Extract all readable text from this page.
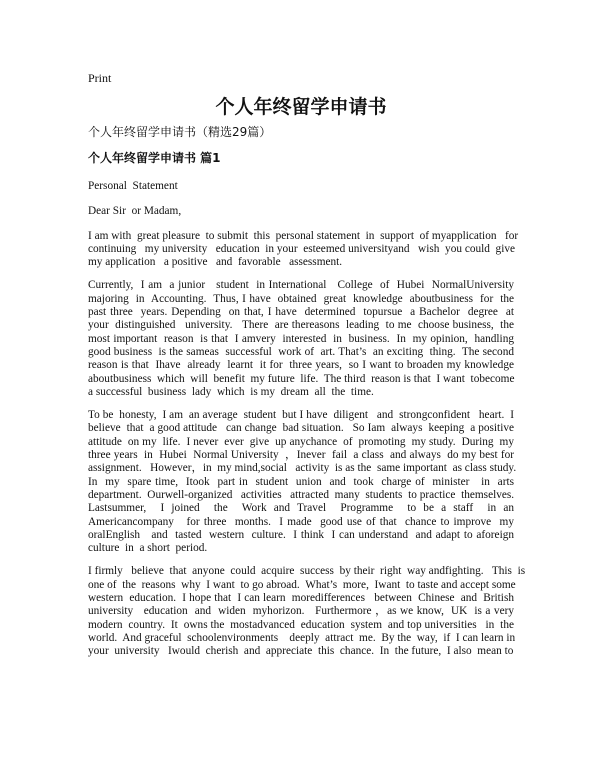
Print
个人年终留学申请书
个人年终留学申请书（精选29篇）
个人年终留学申请书 篇1
Personal  Statement
Dear Sir  or Madam,
I am with  great pleasure  to submit  this  personal statement  in  support  of myapplication   for
continuing   my university   education  in your  esteemed universityand   wish  you could  give
my application   a positive   and  favorable   assessment.
Currently,  I am  a junior   student  in International   College  of  Hubei  NormalUniversity
majoring  in  Accounting.  Thus, I have  obtained  great  knowledge  aboutbusiness  for  the
past three  years. Depending  on that, I have  determined  topursue  a Bachelor  degree  at
your  distinguished   university.   There  are thereasons  leading  to me  choose business,  the
most important  reason  is that  I amvery  interested  in  business.  In  my opinion,  handling
good business  is the sameas  successful  work of  art. That’s  an exciting  thing.  The second
reason is that  Ihave  already  learnt  it for  three years,  so I want to broaden my knowledge
aboutbusiness  which  will  benefit  my future  life.  The third  reason is that  I want  tobecome
a successful  business  lady  which  is my  dream  all  the  time.
To be  honesty,  I am  an average  student  but I have  diligent   and  strongconfident   heart.  I
believe  that  a good attitude   can change  bad situation.   So Iam  always  keeping  a positive
attitude  on my  life.  I never  ever  give  up anychance  of  promoting  my study.  During  my
three years  in  Hubei  Normal University  ，Inever  fail  a class  and always  do my best for
assignment.   However，in  my mind,social   activity  is as the  same important  as class study.
In  my  spare time,  Itook  part in  student  union  and  took  charge of  minister   in  arts
department.  Ourwell-organized   activities   attracted  many  students  to practice  themselves.
Lastsummer,  I joined  the  Work and Travel  Programme  to be a staff  in an
Americancompany   for three  months.  I made  good use of that  chance to improve  my
oralEnglish   and  tasted  western  culture.  I think  I can understand  and adapt to aforeign
culture  in  a short  period.
I firmly   believe  that  anyone  could  acquire  success  by their  right  way andfighting.   This  is
one of  the  reasons  why  I want  to go abroad.  What’s  more,  Iwant  to taste and accept some
western  education.  I hope that  I can learn  moredifferences   between  Chinese  and  British
university   education  and  widen  myhorizon.   Furthermore ，as we know,  UK  is a very
modern  country.  It  owns the  mostadvanced  education  system  and top universities   in  the
world.  And graceful  schoolenvironments    deeply  attract  me.  By the  way,  if  I can learn in
your  university   Iwould  cherish  and  appreciate  this  chance.  In  the future,  I also  mean to
